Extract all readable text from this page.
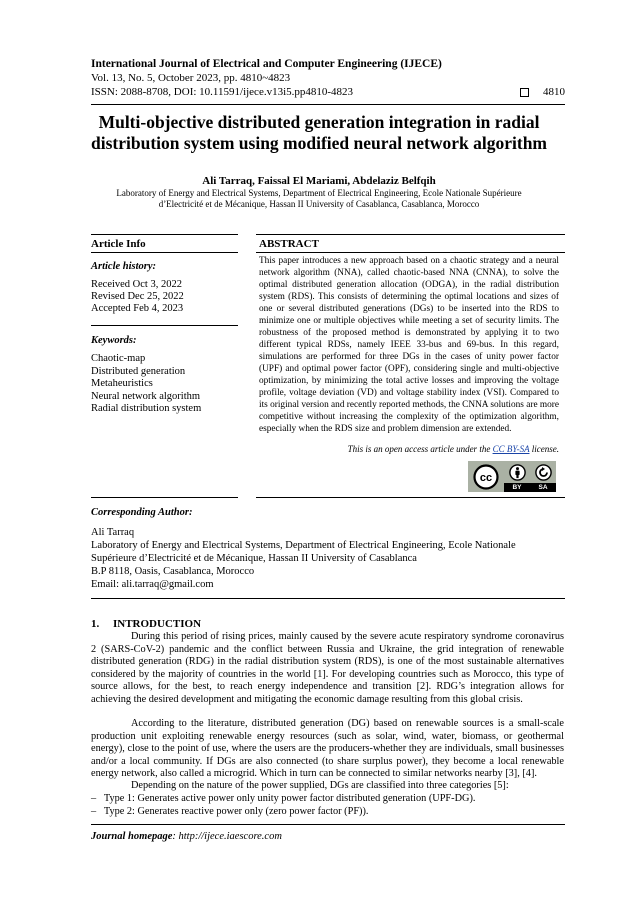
International Journal of Electrical and Computer Engineering (IJECE)
Vol. 13, No. 5, October 2023, pp. 4810~4823
ISSN: 2088-8708, DOI: 10.11591/ijece.v13i5.pp4810-4823	4810
Multi-objective distributed generation integration in radial
distribution system using modified neural network algorithm
Ali Tarraq, Faissal El Mariami, Abdelaziz Belfqih
Laboratory of Energy and Electrical Systems, Department of Electrical Engineering, Ecole Nationale Supérieure d’Electricité et de Mécanique, Hassan II University of Casablanca, Casablanca, Morocco
Article Info
Article history:
Received Oct 3, 2022
Revised Dec 25, 2022
Accepted Feb 4, 2023
Keywords:
Chaotic-map
Distributed generation
Metaheuristics
Neural network algorithm
Radial distribution system
ABSTRACT
This paper introduces a new approach based on a chaotic strategy and a neural network algorithm (NNA), called chaotic-based NNA (CNNA), to solve the optimal distributed generation allocation (ODGA), in the radial distribution system (RDS). This consists of determining the optimal locations and sizes of one or several distributed generations (DGs) to be inserted into the RDS to minimize one or multiple objectives while meeting a set of security limits. The robustness of the proposed method is demonstrated by applying it to two different typical RDSs, namely IEEE 33-bus and 69-bus. In this regard, simulations are performed for three DGs in the cases of unity power factor (UPF) and optimal power factor (OPF), considering single and multi-objective optimization, by minimizing the total active losses and improving the voltage profile, voltage deviation (VD) and voltage stability index (VSI). Compared to its original version and recently reported methods, the CNNA solutions are more competitive without increasing the complexity of the optimization algorithm, especially when the RDS size and problem dimension are extended.
This is an open access article under the CC BY-SA license.
cc
BY	SA
Corresponding Author:
Ali Tarraq
Laboratory of Energy and Electrical Systems, Department of Electrical Engineering, Ecole Nationale
Supérieure d’Electricité et de Mécanique, Hassan II University of Casablanca
B.P 8118, Oasis, Casablanca, Morocco
Email: ali.tarraq@gmail.com
1.     INTRODUCTION
During this period of rising prices, mainly caused by the severe acute respiratory syndrome coronavirus 2 (SARS-CoV-2) pandemic and the conflict between Russia and Ukraine, the grid integration of renewable distributed generation (RDG) in the radial distribution system (RDS), is one of the most sustainable alternatives considered by the majority of countries in the world [1]. For developing countries such as Morocco, this type of source allows, for the best, to reach energy independence and transition [2]. RDG’s integration allows for achieving the desired development and mitigating the economic damage resulting from this global crisis.
According to the literature, distributed generation (DG) based on renewable sources is a small-scale production unit exploiting renewable energy resources (such as solar, wind, water, biomass, or geothermal energy), close to the point of use, where the users are the producers-whether they are individuals, small businesses and/or a local community. If DGs are also connected (to share surplus power), they become a local renewable energy network, also called a microgrid. Which in turn can be connected to similar networks nearby [3], [4].
Depending on the nature of the power supplied, DGs are classified into three categories [5]:
–   Type 1: Generates active power only unity power factor distributed generation (UPF-DG).
–   Type 2: Generates reactive power only (zero power factor (PF)).
Journal homepage: http://ijece.iaescore.com
